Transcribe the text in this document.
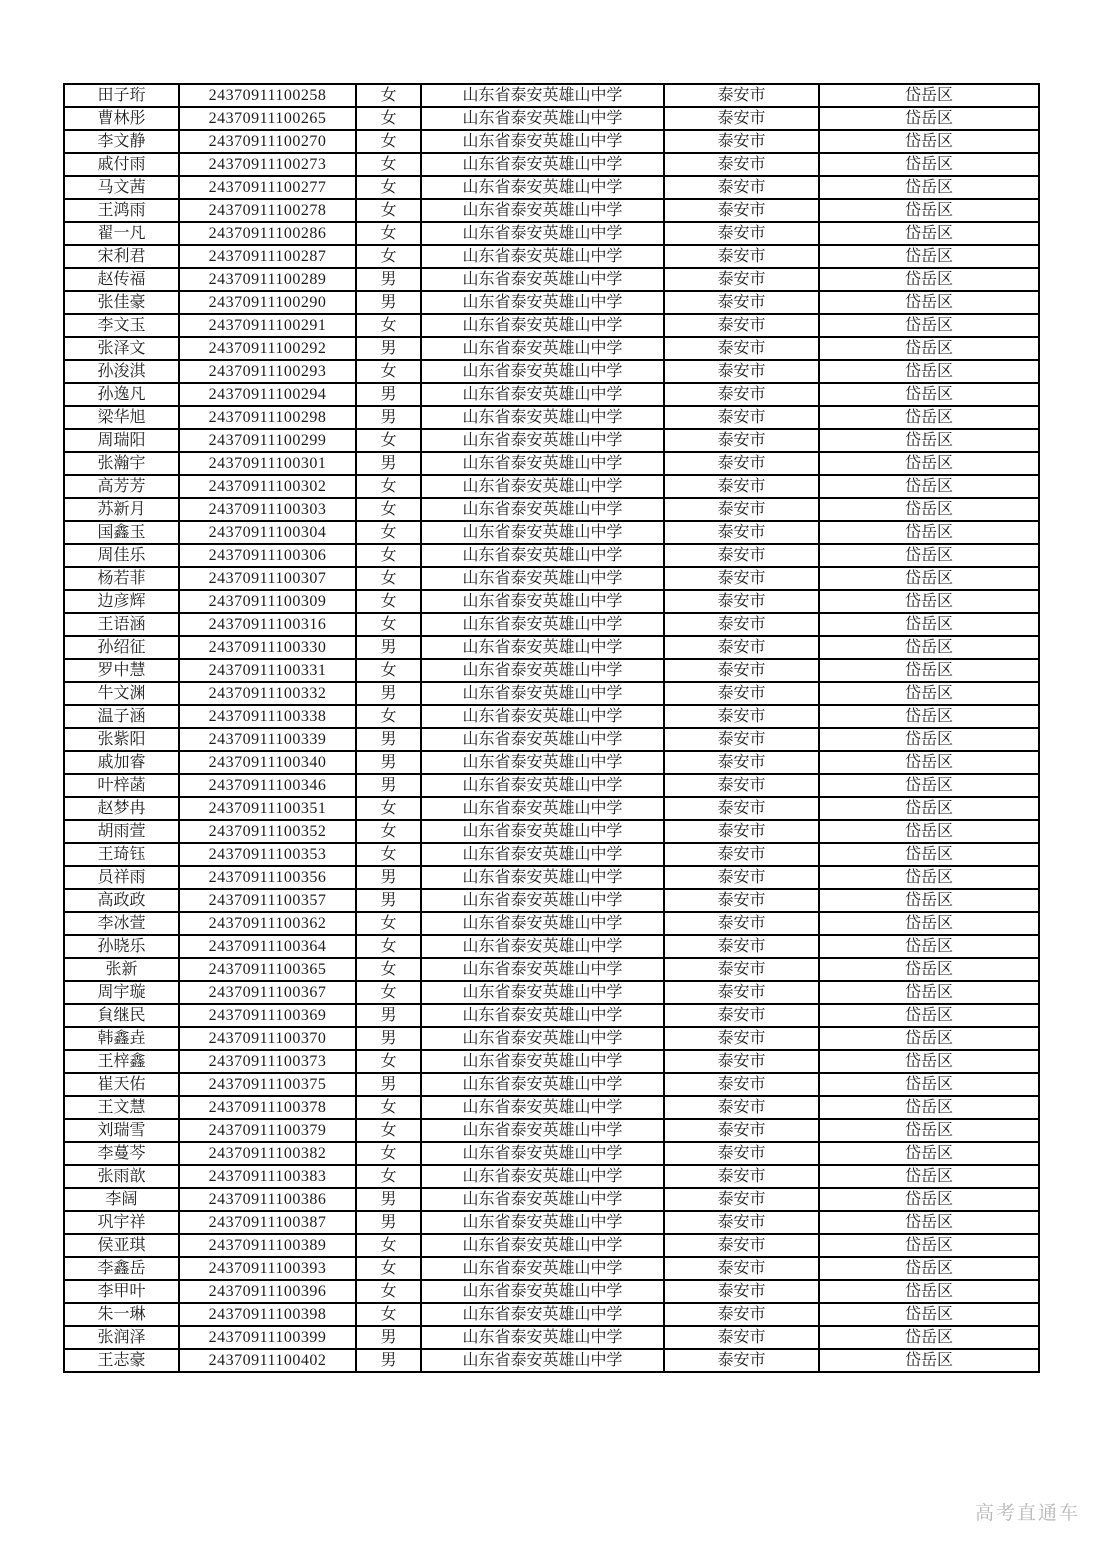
田子珩	24370911100258	女	山东省泰安英雄山中学	泰安市	岱岳区
曹林彤	24370911100265	女	山东省泰安英雄山中学	泰安市	岱岳区
李文静	24370911100270	女	山东省泰安英雄山中学	泰安市	岱岳区
戚付雨	24370911100273	女	山东省泰安英雄山中学	泰安市	岱岳区
马文茜	24370911100277	女	山东省泰安英雄山中学	泰安市	岱岳区
王鸿雨	24370911100278	女	山东省泰安英雄山中学	泰安市	岱岳区
翟一凡	24370911100286	女	山东省泰安英雄山中学	泰安市	岱岳区
宋利君	24370911100287	女	山东省泰安英雄山中学	泰安市	岱岳区
赵传福	24370911100289	男	山东省泰安英雄山中学	泰安市	岱岳区
张佳豪	24370911100290	男	山东省泰安英雄山中学	泰安市	岱岳区
李文玉	24370911100291	女	山东省泰安英雄山中学	泰安市	岱岳区
张泽文	24370911100292	男	山东省泰安英雄山中学	泰安市	岱岳区
孙浚淇	24370911100293	女	山东省泰安英雄山中学	泰安市	岱岳区
孙逸凡	24370911100294	男	山东省泰安英雄山中学	泰安市	岱岳区
梁华旭	24370911100298	男	山东省泰安英雄山中学	泰安市	岱岳区
周瑞阳	24370911100299	女	山东省泰安英雄山中学	泰安市	岱岳区
张瀚宇	24370911100301	男	山东省泰安英雄山中学	泰安市	岱岳区
高芳芳	24370911100302	女	山东省泰安英雄山中学	泰安市	岱岳区
苏新月	24370911100303	女	山东省泰安英雄山中学	泰安市	岱岳区
国鑫玉	24370911100304	女	山东省泰安英雄山中学	泰安市	岱岳区
周佳乐	24370911100306	女	山东省泰安英雄山中学	泰安市	岱岳区
杨若菲	24370911100307	女	山东省泰安英雄山中学	泰安市	岱岳区
边彦辉	24370911100309	女	山东省泰安英雄山中学	泰安市	岱岳区
王语涵	24370911100316	女	山东省泰安英雄山中学	泰安市	岱岳区
孙绍征	24370911100330	男	山东省泰安英雄山中学	泰安市	岱岳区
罗中慧	24370911100331	女	山东省泰安英雄山中学	泰安市	岱岳区
牛文渊	24370911100332	男	山东省泰安英雄山中学	泰安市	岱岳区
温子涵	24370911100338	女	山东省泰安英雄山中学	泰安市	岱岳区
张紫阳	24370911100339	男	山东省泰安英雄山中学	泰安市	岱岳区
戚加睿	24370911100340	男	山东省泰安英雄山中学	泰安市	岱岳区
叶梓菡	24370911100346	男	山东省泰安英雄山中学	泰安市	岱岳区
赵梦冉	24370911100351	女	山东省泰安英雄山中学	泰安市	岱岳区
胡雨萱	24370911100352	女	山东省泰安英雄山中学	泰安市	岱岳区
王琦钰	24370911100353	女	山东省泰安英雄山中学	泰安市	岱岳区
员祥雨	24370911100356	男	山东省泰安英雄山中学	泰安市	岱岳区
高政政	24370911100357	男	山东省泰安英雄山中学	泰安市	岱岳区
李冰萱	24370911100362	女	山东省泰安英雄山中学	泰安市	岱岳区
孙晓乐	24370911100364	女	山东省泰安英雄山中学	泰安市	岱岳区
张新	24370911100365	女	山东省泰安英雄山中学	泰安市	岱岳区
周宇璇	24370911100367	女	山东省泰安英雄山中学	泰安市	岱岳区
貟继民	24370911100369	男	山东省泰安英雄山中学	泰安市	岱岳区
韩鑫垚	24370911100370	男	山东省泰安英雄山中学	泰安市	岱岳区
王梓鑫	24370911100373	女	山东省泰安英雄山中学	泰安市	岱岳区
崔天佑	24370911100375	男	山东省泰安英雄山中学	泰安市	岱岳区
王文慧	24370911100378	女	山东省泰安英雄山中学	泰安市	岱岳区
刘瑞雪	24370911100379	女	山东省泰安英雄山中学	泰安市	岱岳区
李蔓芩	24370911100382	女	山东省泰安英雄山中学	泰安市	岱岳区
张雨歆	24370911100383	女	山东省泰安英雄山中学	泰安市	岱岳区
李阔	24370911100386	男	山东省泰安英雄山中学	泰安市	岱岳区
巩宇祥	24370911100387	男	山东省泰安英雄山中学	泰安市	岱岳区
侯亚琪	24370911100389	女	山东省泰安英雄山中学	泰安市	岱岳区
李鑫岳	24370911100393	女	山东省泰安英雄山中学	泰安市	岱岳区
李甲叶	24370911100396	女	山东省泰安英雄山中学	泰安市	岱岳区
朱一琳	24370911100398	女	山东省泰安英雄山中学	泰安市	岱岳区
张润泽	24370911100399	男	山东省泰安英雄山中学	泰安市	岱岳区
王志豪	24370911100402	男	山东省泰安英雄山中学	泰安市	岱岳区
高考直通车
